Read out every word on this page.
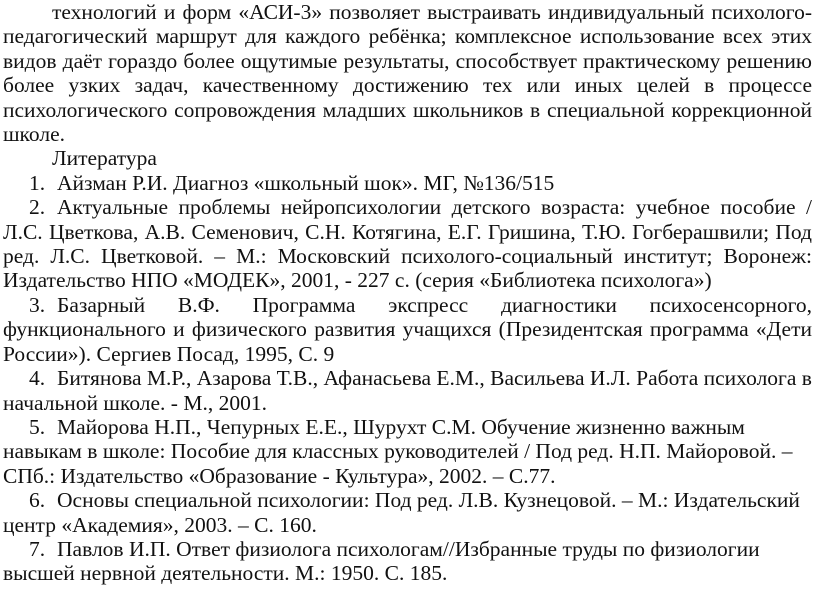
технологий и форм «АСИ-3» позволяет выстраивать индивидуальный психолого-педагогический маршрут для каждого ребёнка; комплексное использование всех этих видов даёт гораздо более ощутимые результаты, способствует практическому решению более узких задач, качественному достижению тех или иных целей в процессе психологического сопровождения младших школьников в специальной коррекционной школе.

Литература

1. Айзман Р.И. Диагноз «школьный шок». МГ, №136/515

2. Актуальные проблемы нейропсихологии детского возраста: учебное пособие / Л.С. Цветкова, А.В. Семенович, С.Н. Котягина, Е.Г. Гришина, Т.Ю. Гогберашвили; Под ред. Л.С. Цветковой. – М.: Московский психолого-социальный институт; Воронеж: Издательство НПО «МОДЕК», 2001, - 227 с. (серия «Библиотека психолога»)

3. Базарный В.Ф. Программа экспресс диагностики психосенсорного, функционального и физического развития учащихся (Президентская программа «Дети России»). Сергиев Посад, 1995, С. 9

4. Битянова М.Р., Азарова Т.В., Афанасьева Е.М., Васильева И.Л. Работа психолога в начальной школе. - М., 2001.

5. Майорова Н.П., Чепурных Е.Е., Шурухт С.М. Обучение жизненно важным навыкам в школе: Пособие для классных руководителей / Под ред. Н.П. Майоровой. – СПб.: Издательство «Образование - Культура», 2002. – С.77.

6. Основы специальной психологии: Под ред. Л.В. Кузнецовой. – М.: Издательский центр «Академия», 2003. – С. 160.

7. Павлов И.П. Ответ физиолога психологам//Избранные труды по физиологии высшей нервной деятельности. М.: 1950. С. 185.
